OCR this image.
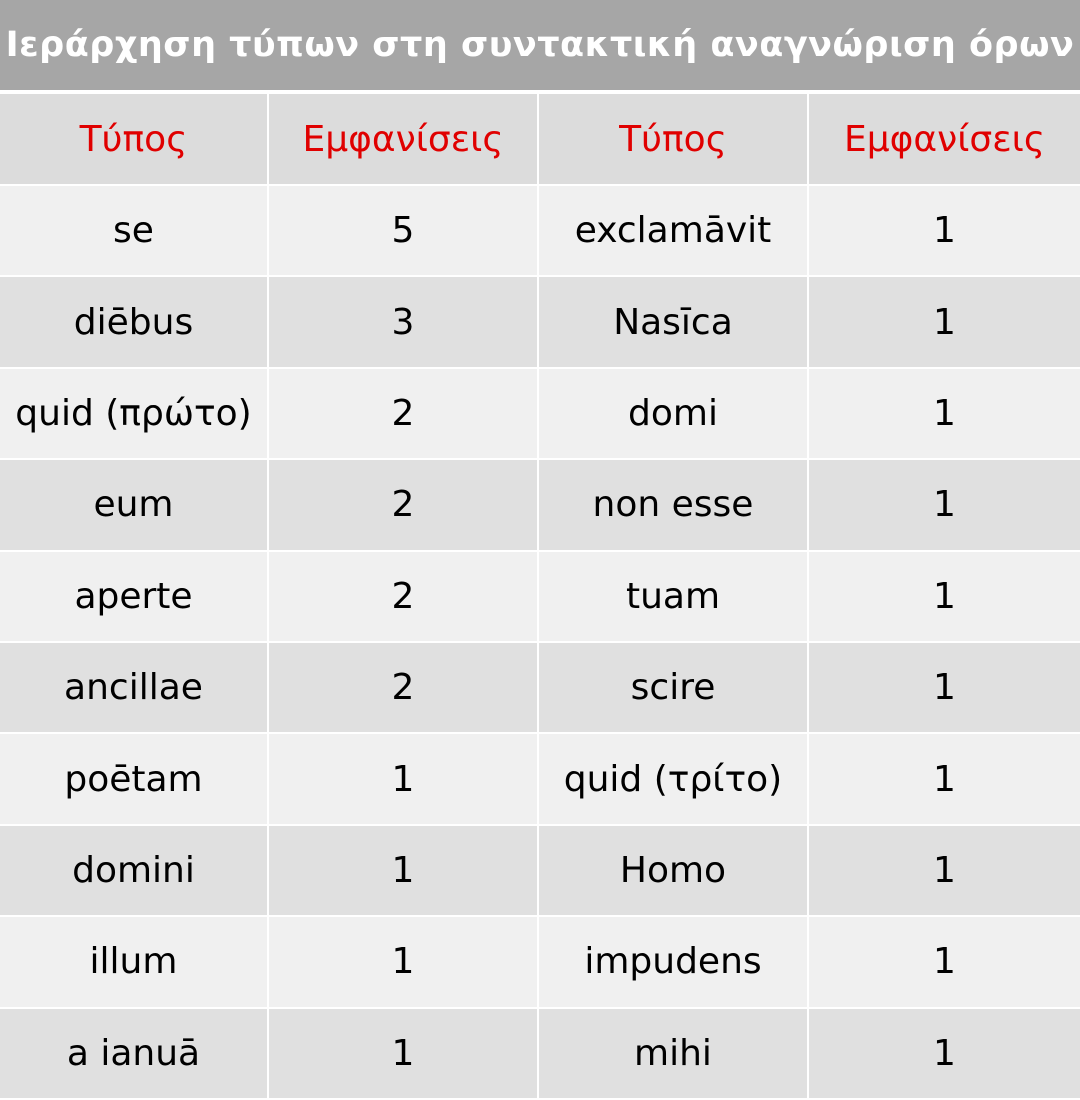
Ιεράρχηση τύπων στη συντακτική αναγνώριση όρων
Τύπος	Εμφανίσεις	Τύπος	Εμφανίσεις
se	5	exclamāvit	1
diēbus	3	Nasīca	1
quid (πρώτο)	2	domi	1
eum	2	non esse	1
aperte	2	tuam	1
ancillae	2	scire	1
poētam	1	quid (τρίτο)	1
domini	1	Homo	1
illum	1	impudens	1
a ianuā	1	mihi	1
